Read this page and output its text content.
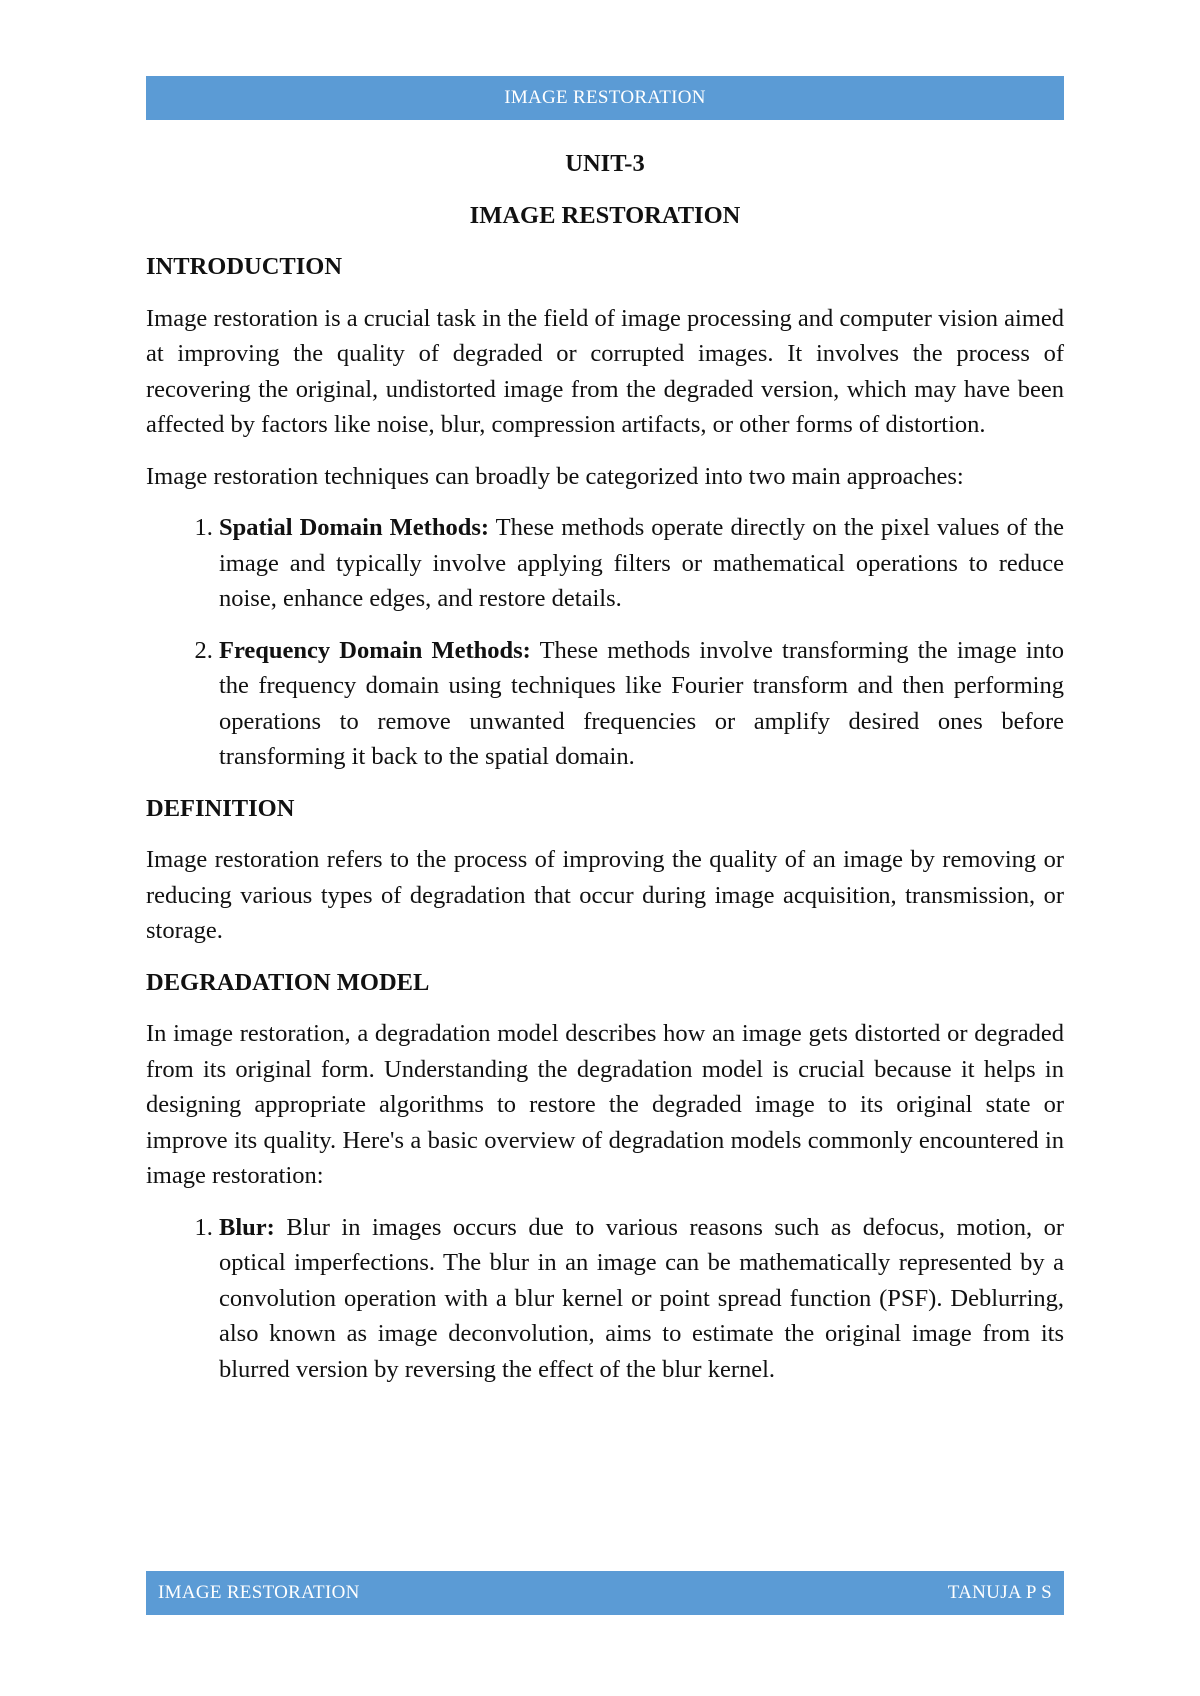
IMAGE RESTORATION
UNIT-3
IMAGE RESTORATION
INTRODUCTION

Image restoration is a crucial task in the field of image processing and computer vision aimed at improving the quality of degraded or corrupted images. It involves the process of recovering the original, undistorted image from the degraded version, which may have been affected by factors like noise, blur, compression artifacts, or other forms of distortion.

Image restoration techniques can broadly be categorized into two main approaches:

1. Spatial Domain Methods: These methods operate directly on the pixel values of the image and typically involve applying filters or mathematical operations to reduce noise, enhance edges, and restore details.
2. Frequency Domain Methods: These methods involve transforming the image into the frequency domain using techniques like Fourier transform and then performing operations to remove unwanted frequencies or amplify desired ones before transforming it back to the spatial domain.
DEFINITION

Image restoration refers to the process of improving the quality of an image by removing or reducing various types of degradation that occur during image acquisition, transmission, or storage.

DEGRADATION MODEL

In image restoration, a degradation model describes how an image gets distorted or degraded from its original form. Understanding the degradation model is crucial because it helps in designing appropriate algorithms to restore the degraded image to its original state or improve its quality. Here's a basic overview of degradation models commonly encountered in image restoration:

1. Blur: Blur in images occurs due to various reasons such as defocus, motion, or optical imperfections. The blur in an image can be mathematically represented by a convolution operation with a blur kernel or point spread function (PSF). Deblurring, also known as image deconvolution, aims to estimate the original image from its blurred version by reversing the effect of the blur kernel.
IMAGE RESTORATION	TANUJA P S
